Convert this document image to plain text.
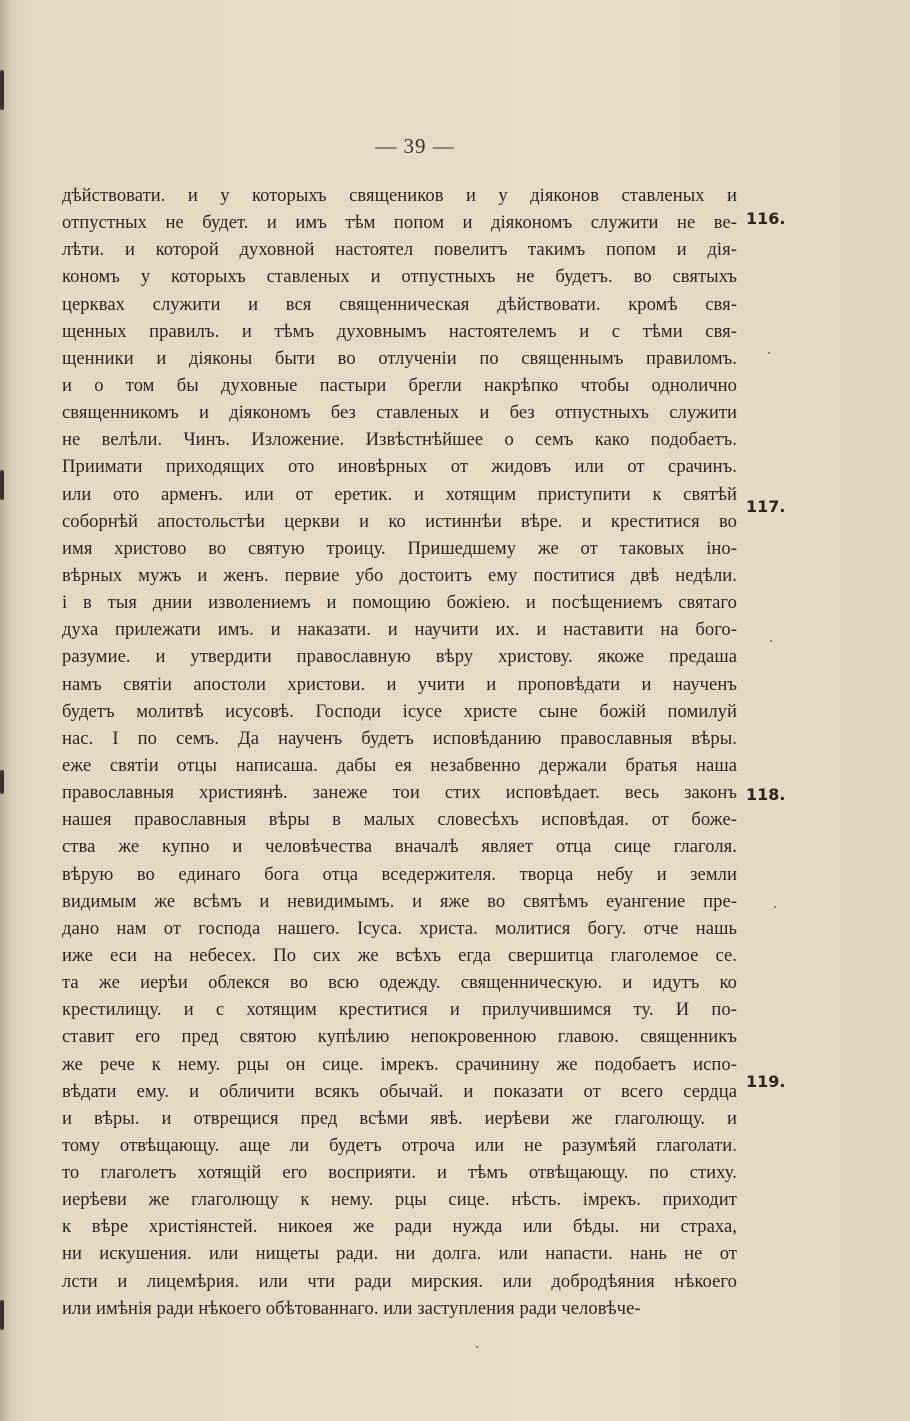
— 39 —
дѣйствовати. и у которыхъ священиков и у діяконов ставленых и
отпустных не будет. и имъ тѣм попом и діякономъ служити не ве-
лѣти. и которой духовной настоятел повелитъ такимъ попом и дія-
кономъ у которыхъ ставленых и отпустныхъ не будетъ. во святыхъ
церквах служити и вся священническая дѣйствовати. кромѣ свя-
щенных правилъ. и тѣмъ духовнымъ настоятелемъ и с тѣми свя-
щенники и діяконы быти во отлученіи по священнымъ правиломъ.
и о том бы духовные пастыри брегли накрѣпко чтобы однолично
священникомъ и діякономъ без ставленых и без отпустныхъ служити
не велѣли. Чинъ. Изложение. Извѣстнѣйшее о семъ како подобаетъ.
Приимати приходящих ото иновѣрных от жидовъ или от срачинъ.
или ото арменъ. или от еретик. и хотящим приступити к святѣй
соборнѣй апостольстѣи церкви и ко истиннѣи вѣре. и креститися во
имя христово во святую троицу. Пришедшему же от таковых іно-
вѣрных мужъ и женъ. первие убо достоитъ ему поститися двѣ недѣли.
і в тыя днии изволениемъ и помощию божіею. и посѣщениемъ святаго
духа прилежати имъ. и наказати. и научити их. и наставити на бого-
разумие. и утвердити православную вѣру христову. якоже предаша
намъ святіи апостоли христови. и учити и проповѣдати и наученъ
будетъ молитвѣ исусовѣ. Господи ісусе христе сыне божій помилуй
нас. І по семъ. Да наученъ будетъ исповѣданию православныя вѣры.
еже святіи отцы написаша. дабы ея незабвенно держали братья наша
православныя християнѣ. занеже тои стих исповѣдает. весь законъ
нашея православныя вѣры в малых словесѣхъ исповѣдая. от боже-
ства же купно и человѣчества вначалѣ являет отца сице глаголя.
вѣрую во единаго бога отца вседержителя. творца небу и земли
видимым же всѣмъ и невидимымъ. и яже во святѣмъ еуангение пре-
дано нам от господа нашего. Ісуса. христа. молитися богу. отче нашь
иже еси на небесех. По сих же всѣхъ егда свершитца глаголемое се.
та же иерѣи облекся во всю одежду. священническую. и идутъ ко
крестилищу. и с хотящим креститися и прилучившимся ту. И по-
ставит его пред святою купѣлию непокровенною главою. священникъ
же рече к нему. рцы он сице. імрекъ. срачинину же подобаетъ испо-
вѣдати ему. и обличити всякъ обычай. и показати от всего сердца
и вѣры. и отврещися пред всѣми явѣ. иерѣеви же глаголющу. и
тому отвѣщающу. аще ли будетъ отроча или не разумѣяй глаголати.
то глаголетъ хотящій его восприяти. и тѣмъ отвѣщающу. по стиху.
иерѣеви же глаголющу к нему. рцы сице. нѣсть. імрекъ. приходит
к вѣре христіянстей. никоея же ради нужда или бѣды. ни страха,
ни искушения. или нищеты ради. ни долга. или напасти. нань не от
лсти и лицемѣрия. или чти ради мирския. или добродѣяния нѣкоего
или имѣнія ради нѣкоего обѣтованнаго. или заступления ради человѣче-
116.
117.
118.
119.
